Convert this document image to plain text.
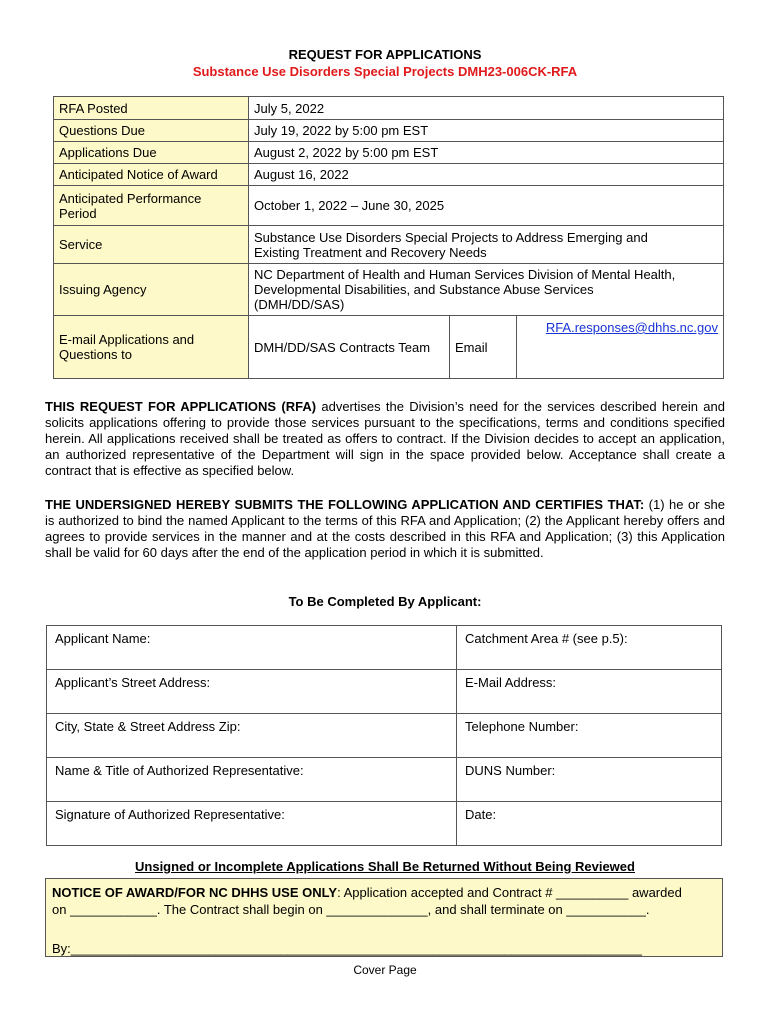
REQUEST FOR APPLICATIONS
Substance Use Disorders Special Projects DMH23-006CK-RFA
RFA Posted	July 5, 2022		
Questions Due	July 19, 2022 by 5:00 pm EST		
Applications Due	August 2, 2022 by 5:00 pm EST		
Anticipated Notice of Award	August 16, 2022		
Anticipated Performance
Period	October 1, 2022 – June 30, 2025		
Service	Substance Use Disorders Special Projects to Address Emerging and
Existing Treatment and Recovery Needs		

Issuing Agency	NC Department of Health and Human Services Division of Mental Health,
Developmental Disabilities, and Substance Abuse Services
(DMH/DD/SAS)		

E-mail Applications and
Questions to	DMH/DD/SAS Contracts Team	Email	RFA.responses@dhhs.nc.gov
THIS REQUEST FOR APPLICATIONS (RFA) advertises the Division’s need for the services described herein and solicits applications offering to provide those services pursuant to the specifications, terms and conditions specified herein. All applications received shall be treated as offers to contract. If the Division decides to accept an application, an authorized representative of the Department will sign in the space provided below. Acceptance shall create a contract that is effective as specified below.
THE UNDERSIGNED HEREBY SUBMITS THE FOLLOWING APPLICATION AND CERTIFIES THAT: (1) he or she is authorized to bind the named Applicant to the terms of this RFA and Application; (2) the Applicant hereby offers and agrees to provide services in the manner and at the costs described in this RFA and Application; (3) this Application shall be valid for 60 days after the end of the application period in which it is submitted.
To Be Completed By Applicant:
Applicant Name:	Catchment Area # (see p.5):
Applicant’s Street Address:	E-Mail Address:
City, State & Street Address Zip:	Telephone Number:
Name & Title of Authorized Representative:	DUNS Number:
Signature of Authorized Representative:	Date:
Unsigned or Incomplete Applications Shall Be Returned Without Being Reviewed
NOTICE OF AWARD/FOR NC DHHS USE ONLY: Application accepted and Contract # __________ awarded
on ____________. The Contract shall begin on ______________, and shall terminate on ___________.
By:_______________________________________________________________________________
Cover Page
